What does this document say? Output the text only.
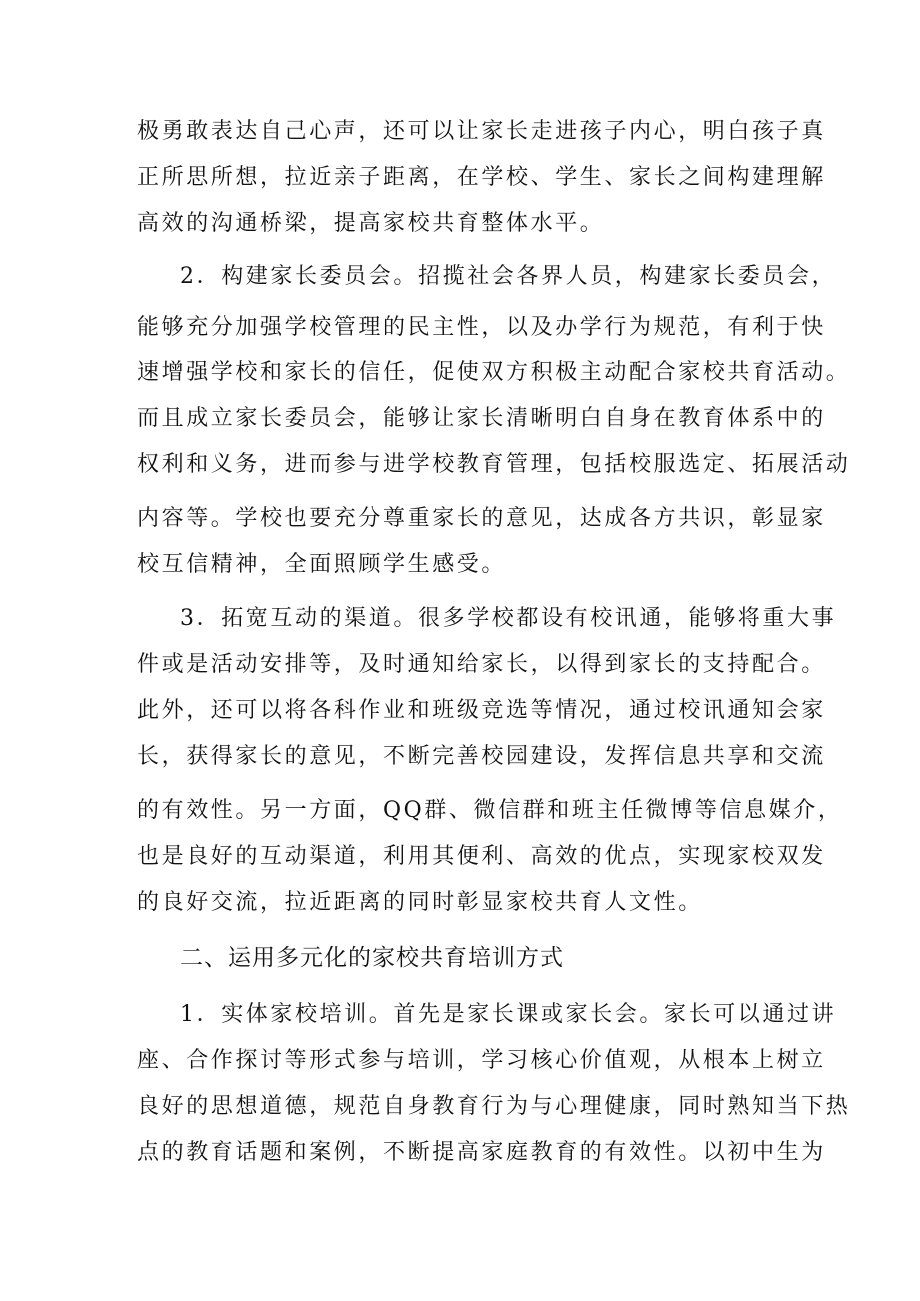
极勇敢表达自己心声，还可以让家长走进孩子内心，明白孩子真
正所思所想，拉近亲子距离，在学校、学生、家长之间构建理解
高效的沟通桥梁，提高家校共育整体水平。
2．构建家长委员会。招揽社会各界人员，构建家长委员会，
能够充分加强学校管理的民主性，以及办学行为规范，有利于快
速增强学校和家长的信任，促使双方积极主动配合家校共育活动。
而且成立家长委员会，能够让家长清晰明白自身在教育体系中的
权利和义务，进而参与进学校教育管理，包括校服选定、拓展活动
内容等。学校也要充分尊重家长的意见，达成各方共识，彰显家
校互信精神，全面照顾学生感受。
3．拓宽互动的渠道。很多学校都设有校讯通，能够将重大事
件或是活动安排等，及时通知给家长，以得到家长的支持配合。
此外，还可以将各科作业和班级竞选等情况，通过校讯通知会家
长，获得家长的意见，不断完善校园建设，发挥信息共享和交流
的有效性。另一方面，QQ群、微信群和班主任微博等信息媒介，
也是良好的互动渠道，利用其便利、高效的优点，实现家校双发
的良好交流，拉近距离的同时彰显家校共育人文性。
二、运用多元化的家校共育培训方式
1．实体家校培训。首先是家长课或家长会。家长可以通过讲
座、合作探讨等形式参与培训，学习核心价值观，从根本上树立
良好的思想道德，规范自身教育行为与心理健康，同时熟知当下热
点的教育话题和案例，不断提高家庭教育的有效性。以初中生为
